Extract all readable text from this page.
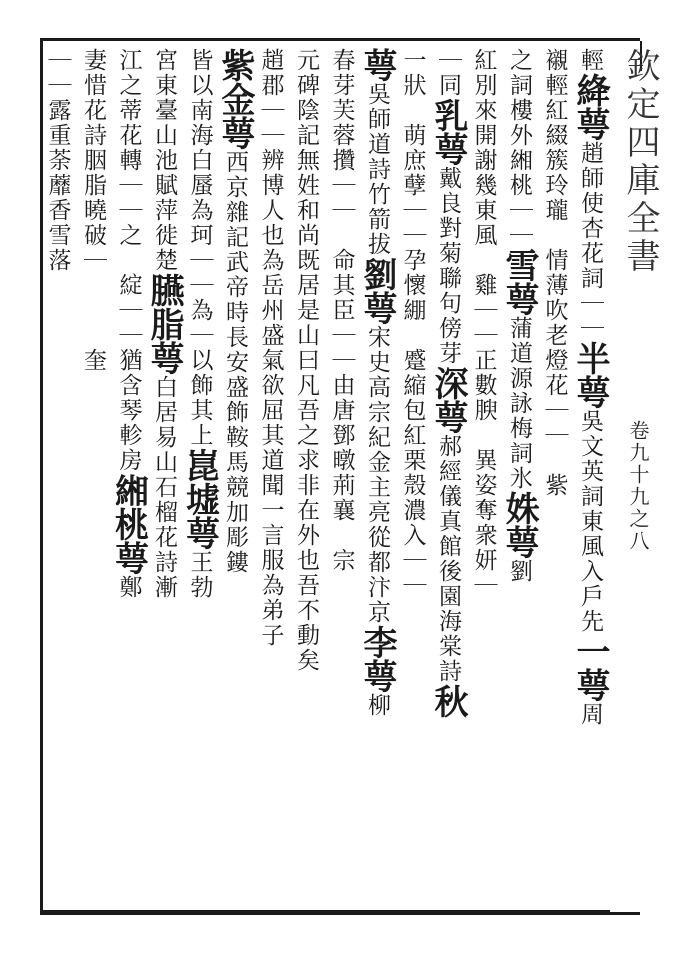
欽定四庫全書
卷九十九之八
輕絳萼趙師使杏花詞｜｜半萼吳文英詞東風入戶先一萼周
襯輕紅綴簇玲瓏　情薄吹老燈花｜｜　紫
之詞樓外緗桃｜｜雪萼蒲道源詠梅詞氷姝萼劉
紅別來開謝幾東風　雞｜｜正數腴　異姿奪衆妍｜
｜同乳萼戴良對菊聯句傍芽深萼郝經儀真館後園海棠詩秋
一狀　萌庶孽｜｜孕懷綳　蹙縮包紅栗殼濃入｜｜
萼吳師道詩竹箭拔劉萼宋史高宗紀金主亮從都汴京李萼柳
春芽芙蓉攢｜｜　命其臣｜｜由唐鄧暾荊襄　宗
元碑陰記無姓和尚既居是山曰凡吾之求非在外也吾不動矣
趙郡｜｜辨博人也為岳州盛氣欲屈其道聞一言服為弟子
紫金萼西京雜記武帝時長安盛飾鞍馬競加彫鏤
皆以南海白蜃為珂｜｜為｜以飾其上崑墟萼王勃
宮東臺山池賦萍徙楚臙脂萼白居易山石榴花詩漸
江之蒂花轉｜｜之　綻｜｜猶含琴軫房緗桃萼鄭
妻惜花詩胭脂曉破｜　　　奎
｜｜露重荼蘼香雪落
